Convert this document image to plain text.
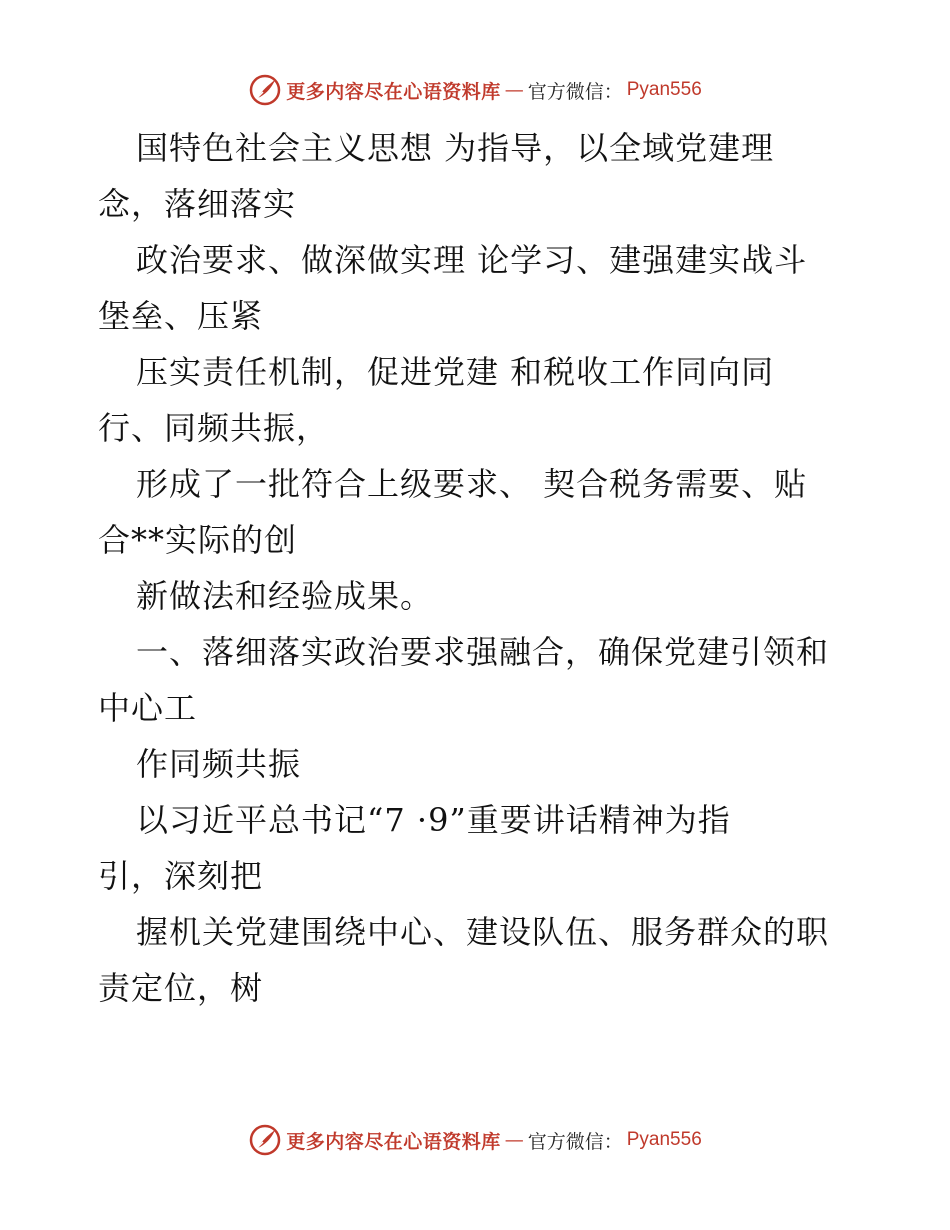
更多内容尽在心语资料库 — 官方微信： Pyan556
国特色社会主义思想 为指导，以全域党建理
念，落细落实
政治要求、做深做实理 论学习、建强建实战斗
堡垒、压紧
压实责任机制，促进党建 和税收工作同向同
行、同频共振，
形成了一批符合上级要求、 契合税务需要、贴
合**实际的创
新做法和经验成果。
一、落细落实政治要求强融合，确保党建引领和
中心工
作同频共振
以习近平总书记“7 ·9”重要讲话精神为指
引，深刻把
握机关党建围绕中心、建设队伍、服务群众的职
责定位，树
更多内容尽在心语资料库 — 官方微信： Pyan556
